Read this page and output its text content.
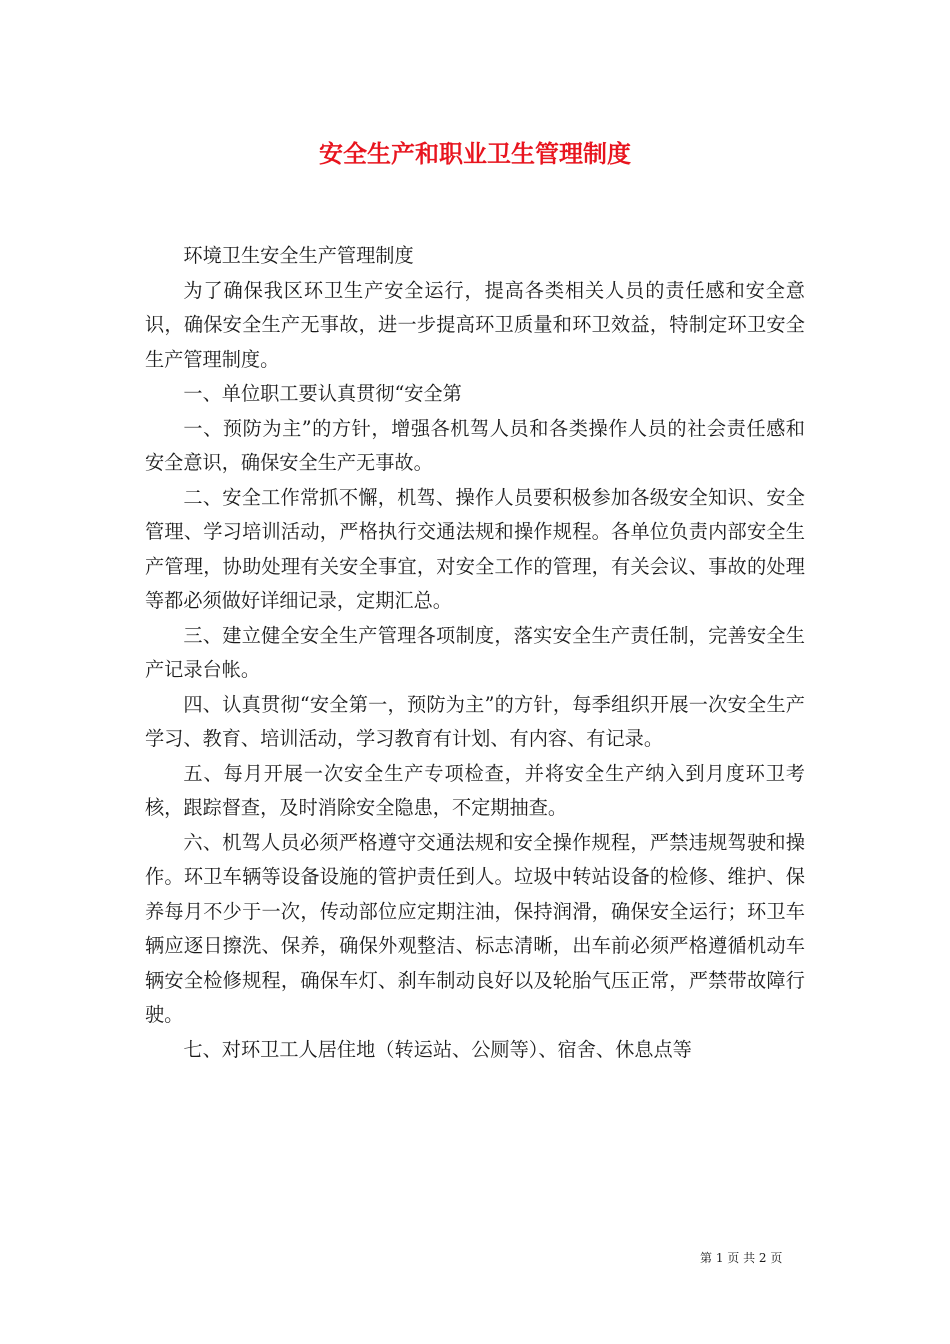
安全生产和职业卫生管理制度

环境卫生安全生产管理制度

为了确保我区环卫生产安全运行，提高各类相关人员的责任感和安全意识，确保安全生产无事故，进一步提高环卫质量和环卫效益，特制定环卫安全生产管理制度。

一、单位职工要认真贯彻“安全第

一、预防为主”的方针，增强各机驾人员和各类操作人员的社会责任感和安全意识，确保安全生产无事故。

二、安全工作常抓不懈，机驾、操作人员要积极参加各级安全知识、安全管理、学习培训活动，严格执行交通法规和操作规程。各单位负责内部安全生产管理，协助处理有关安全事宜，对安全工作的管理，有关会议、事故的处理等都必须做好详细记录，定期汇总。

三、建立健全安全生产管理各项制度，落实安全生产责任制，完善安全生产记录台帐。

四、认真贯彻“安全第一，预防为主”的方针，每季组织开展一次安全生产学习、教育、培训活动，学习教育有计划、有内容、有记录。

五、每月开展一次安全生产专项检查，并将安全生产纳入到月度环卫考核，跟踪督查，及时消除安全隐患，不定期抽查。

六、机驾人员必须严格遵守交通法规和安全操作规程，严禁违规驾驶和操作。环卫车辆等设备设施的管护责任到人。垃圾中转站设备的检修、维护、保养每月不少于一次，传动部位应定期注油，保持润滑，确保安全运行；环卫车辆应逐日擦洗、保养，确保外观整洁、标志清晰，出车前必须严格遵循机动车辆安全检修规程，确保车灯、刹车制动良好以及轮胎气压正常，严禁带故障行驶。

七、对环卫工人居住地（转运站、公厕等）、宿舍、休息点等

第 1 页 共 2 页
